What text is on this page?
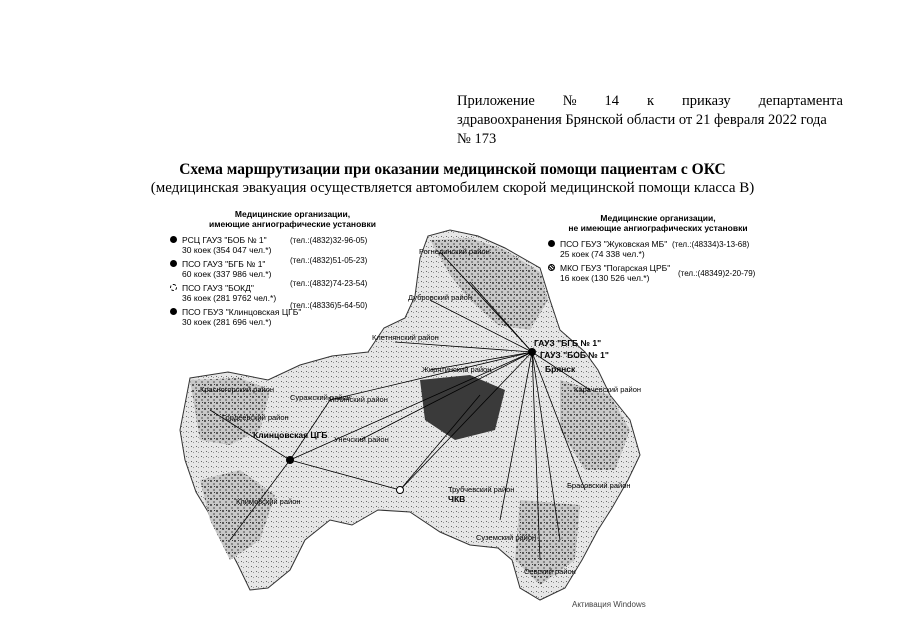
Приложение № 14 к приказу департамента
здравоохранения Брянской области от 21 февраля 2022 года
№ 173
Схема маршрутизации при оказании медицинской помощи пациентам с ОКС
(медицинская эвакуация осуществляется автомобилем скорой медицинской помощи класса В)
Рогнединский район
Дубровский район
Клетнянский район
Жирятинский район
Суражский район
Гордеевский район
Мглинский район
Унечский район
Карачевский район
Трубчевский район	Брасовский район
Севский район
Суземский район
Климовский район
Красногорский район
ГАУЗ "БГБ № 1"
ГАУЗ "БОБ № 1"
Брянск
Клинцовская ЦГБ
ЧКВ
Медицинские организации,
имеющие ангиографические установки
РСЦ ГАУЗ "БОБ № 1"
30 коек (354 047 чел.*)
(тел.:(4832)32-96-05)
ПСО ГАУЗ "БГБ № 1"
60 коек (337 986 чел.*)
(тел.:(4832)51-05-23)
ПСО ГАУЗ "БОКД"
36 коек (281 9762 чел.*)
(тел.:(4832)74-23-54)
ПСО ГБУЗ "Клинцовская ЦГБ"
30 коек (281 696 чел.*)
(тел.:(48336)5-64-50)
Медицинские организации,
не имеющие ангиографических установки
ПСО ГБУЗ "Жуковская МБ"
25 коек (74 338 чел.*)
(тел.:(48334)3-13-68)
МКО ГБУЗ "Погарская ЦРБ"
16 коек (130 526 чел.*)	(тел.:(48349)2-20-79)
Активация Windows
